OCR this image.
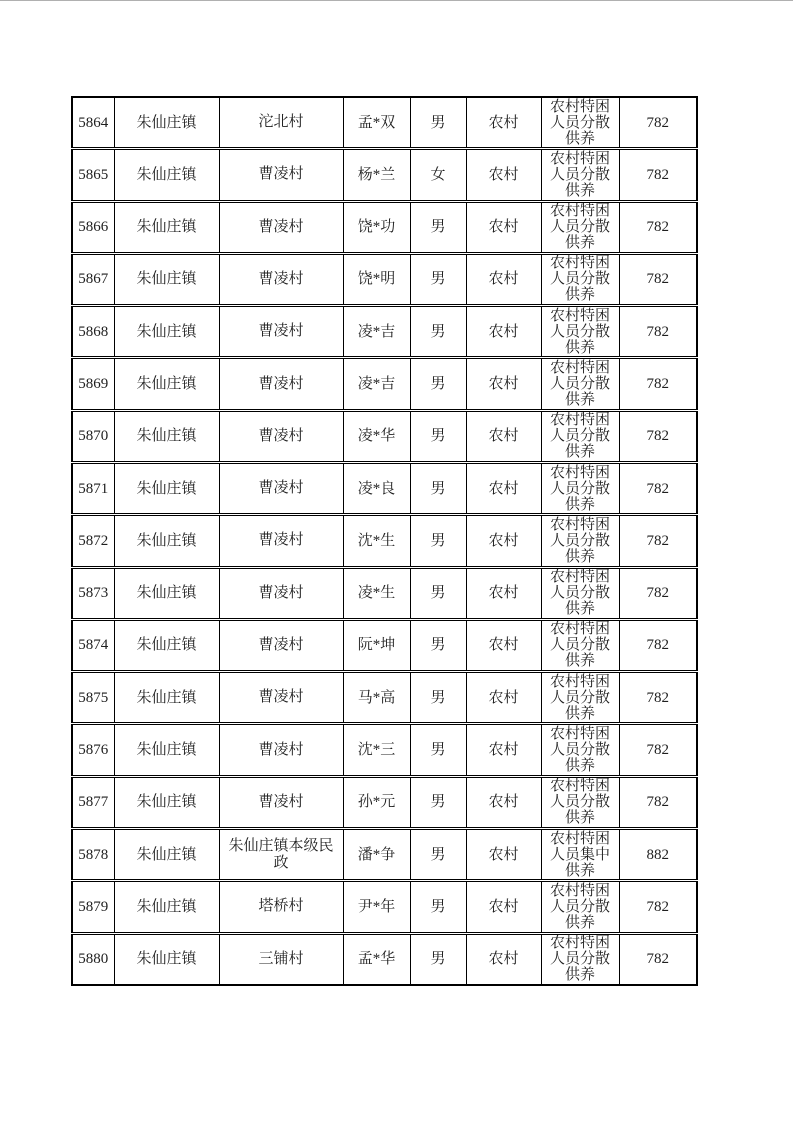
5864	朱仙庄镇	沱北村	孟*双	男	农村	农村特困人员分散供养	782

5865	朱仙庄镇	曹凌村	杨*兰	女	农村	农村特困人员分散供养	782

5866	朱仙庄镇	曹凌村	饶*功	男	农村	农村特困人员分散供养	782

5867	朱仙庄镇	曹凌村	饶*明	男	农村	农村特困人员分散供养	782

5868	朱仙庄镇	曹凌村	凌*吉	男	农村	农村特困人员分散供养	782

5869	朱仙庄镇	曹凌村	凌*吉	男	农村	农村特困人员分散供养	782

5870	朱仙庄镇	曹凌村	凌*华	男	农村	农村特困人员分散供养	782

5871	朱仙庄镇	曹凌村	凌*良	男	农村	农村特困人员分散供养	782

5872	朱仙庄镇	曹凌村	沈*生	男	农村	农村特困人员分散供养	782

5873	朱仙庄镇	曹凌村	凌*生	男	农村	农村特困人员分散供养	782

5874	朱仙庄镇	曹凌村	阮*坤	男	农村	农村特困人员分散供养	782

5875	朱仙庄镇	曹凌村	马*高	男	农村	农村特困人员分散供养	782

5876	朱仙庄镇	曹凌村	沈*三	男	农村	农村特困人员分散供养	782

5877	朱仙庄镇	曹凌村	孙*元	男	农村	农村特困人员分散供养	782

5878	朱仙庄镇	朱仙庄镇本级民政	潘*争	男	农村	农村特困人员集中供养	882

5879	朱仙庄镇	塔桥村	尹*年	男	农村	农村特困人员分散供养	782

5880	朱仙庄镇	三铺村	孟*华	男	农村	农村特困人员分散供养	782
